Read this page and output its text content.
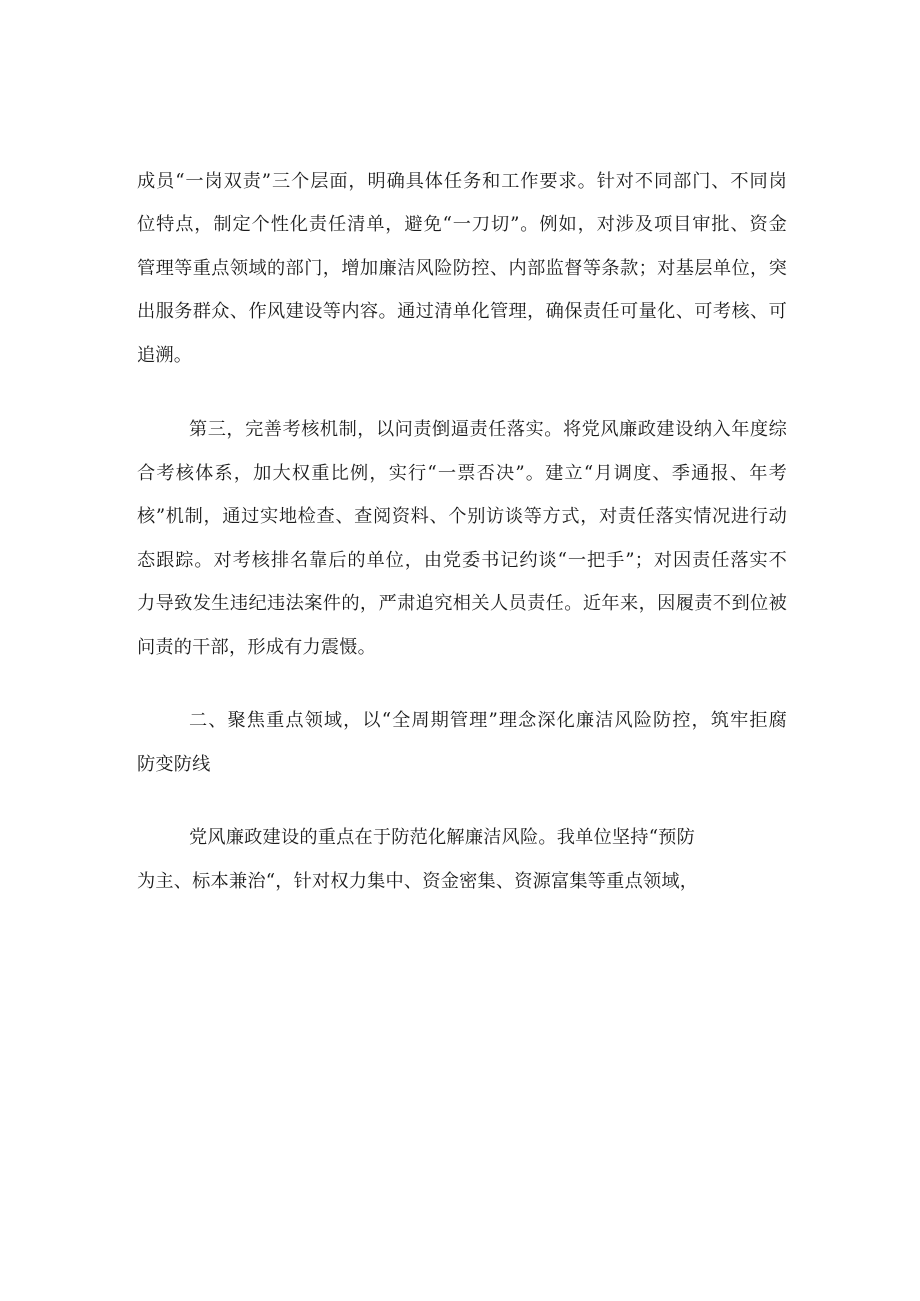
成员“一岗双责”三个层面，明确具体任务和工作要求。针对不同部门、不同岗
位特点，制定个性化责任清单，避免“一刀切”。例如，对涉及项目审批、资金
管理等重点领域的部门，增加廉洁风险防控、内部监督等条款；对基层单位，突
出服务群众、作风建设等内容。通过清单化管理，确保责任可量化、可考核、可
追溯。
第三，完善考核机制，以问责倒逼责任落实。将党风廉政建设纳入年度综
合考核体系，加大权重比例，实行“一票否决”。建立“月调度、季通报、年考
核”机制，通过实地检查、查阅资料、个别访谈等方式，对责任落实情况进行动
态跟踪。对考核排名靠后的单位，由党委书记约谈“一把手”；对因责任落实不
力导致发生违纪违法案件的，严肃追究相关人员责任。近年来，因履责不到位被
问责的干部，形成有力震慑。
二、聚焦重点领域，以“全周期管理”理念深化廉洁风险防控，筑牢拒腐
防变防线
党风廉政建设的重点在于防范化解廉洁风险。我单位坚持“预防
为主、标本兼治“，针对权力集中、资金密集、资源富集等重点领域，
